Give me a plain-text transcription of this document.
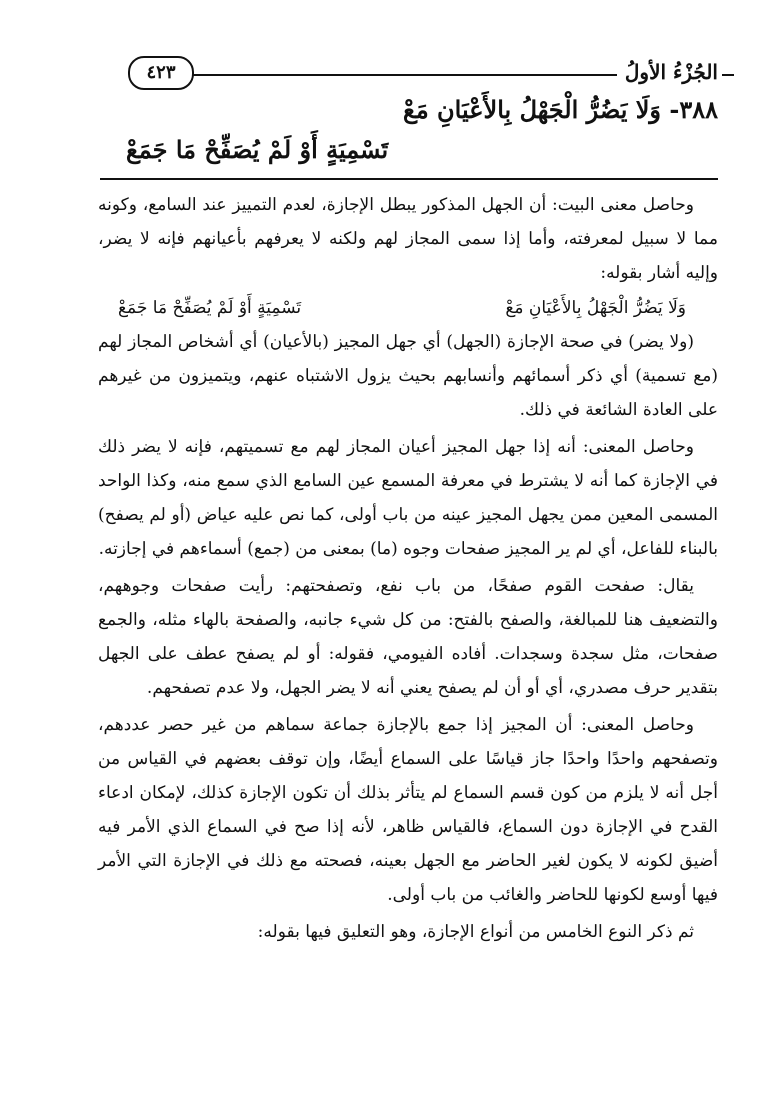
الجُزْءُ الأولُ
٤٢٣
٣٨٨- وَلَا يَضُرُّ الْجَهْلُ بِالأَعْيَانِ مَعْ
تَسْمِيَةٍ أَوْ لَمْ يُصَفِّحْ مَا جَمَعْ

وحاصل معنى البيت: أن الجهل المذكور يبطل الإجازة، لعدم التمييز عند السامع، وكونه مما لا سبيل لمعرفته، وأما إذا سمى المجاز لهم ولكنه لا يعرفهم بأعيانهم فإنه لا يضر، وإليه أشار بقوله:

وَلَا يَضُرُّ الْجَهْلُ بِالأَعْيَانِ مَعْ
تَسْمِيَةٍ أَوْ لَمْ يُصَفِّحْ مَا جَمَعْ

(ولا يضر) في صحة الإجازة (الجهل) أي جهل المجيز (بالأعيان) أي أشخاص المجاز لهم (مع تسمية) أي ذكر أسمائهم وأنسابهم بحيث يزول الاشتباه عنهم، ويتميزون من غيرهم على العادة الشائعة في ذلك.

وحاصل المعنى: أنه إذا جهل المجيز أعيان المجاز لهم مع تسميتهم، فإنه لا يضر ذلك في الإجازة كما أنه لا يشترط في معرفة المسمع عين السامع الذي سمع منه، وكذا الواحد المسمى المعين ممن يجهل المجيز عينه من باب أولى، كما نص عليه عياض (أو لم يصفح) بالبناء للفاعل، أي لم ير المجيز صفحات وجوه (ما) بمعنى من (جمع) أسماءهم في إجازته.

يقال: صفحت القوم صفحًا، من باب نفع، وتصفحتهم: رأيت صفحات وجوههم، والتضعيف هنا للمبالغة، والصفح بالفتح: من كل شيء جانبه، والصفحة بالهاء مثله، والجمع صفحات، مثل سجدة وسجدات. أفاده الفيومي، فقوله: أو لم يصفح عطف على الجهل بتقدير حرف مصدري، أي أو أن لم يصفح يعني أنه لا يضر الجهل، ولا عدم تصفحهم.

وحاصل المعنى: أن المجيز إذا جمع بالإجازة جماعة سماهم من غير حصر عددهم، وتصفحهم واحدًا واحدًا جاز قياسًا على السماع أيضًا، وإن توقف بعضهم في القياس من أجل أنه لا يلزم من كون قسم السماع لم يتأثر بذلك أن تكون الإجازة كذلك، لإمكان ادعاء القدح في الإجازة دون السماع، فالقياس ظاهر، لأنه إذا صح في السماع الذي الأمر فيه أضيق لكونه لا يكون لغير الحاضر مع الجهل بعينه، فصحته مع ذلك في الإجازة التي الأمر فيها أوسع لكونها للحاضر والغائب من باب أولى.

ثم ذكر النوع الخامس من أنواع الإجازة، وهو التعليق فيها بقوله:
